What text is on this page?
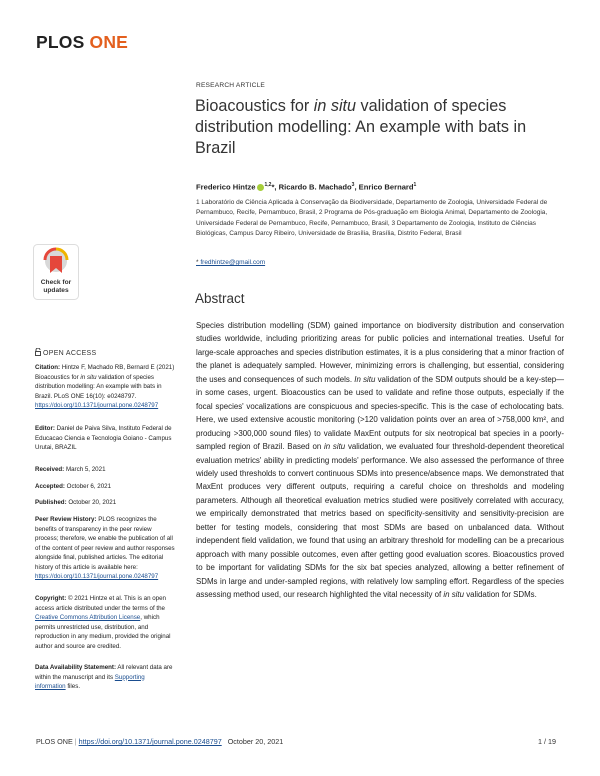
PLOS ONE
Check for
updates
OPEN ACCESS
Citation: Hintze F, Machado RB, Bernard E (2021) Bioacoustics for in situ validation of species distribution modelling: An example with bats in Brazil. PLoS ONE 16(10): e0248797. https://doi.org/10.1371/journal.pone.0248797
Editor: Daniel de Paiva Silva, Instituto Federal de Educacao Ciencia e Tecnologia Goiano - Campus Urutai, BRAZIL
Received: March 5, 2021
Accepted: October 6, 2021
Published: October 20, 2021
Peer Review History: PLOS recognizes the benefits of transparency in the peer review process; therefore, we enable the publication of all of the content of peer review and author responses alongside final, published articles. The editorial history of this article is available here: https://doi.org/10.1371/journal.pone.0248797
Copyright: © 2021 Hintze et al. This is an open access article distributed under the terms of the Creative Commons Attribution License, which permits unrestricted use, distribution, and reproduction in any medium, provided the original author and source are credited.
Data Availability Statement: All relevant data are within the manuscript and its Supporting information files.
RESEARCH ARTICLE
Bioacoustics for in situ validation of species distribution modelling: An example with bats in Brazil
Frederico Hintze $^{1,2}$*, Ricardo B. Machado$^3$, Enrico Bernard$^1$
1 Laboratório de Ciência Aplicada à Conservação da Biodiversidade, Departamento de Zoologia, Universidade Federal de Pernambuco, Recife, Pernambuco, Brasil, 2 Programa de Pós-graduação em Biologia Animal, Departamento de Zoologia, Universidade Federal de Pernambuco, Recife, Pernambuco, Brasil, 3 Departamento de Zoologia, Instituto de Ciências Biológicas, Campus Darcy Ribeiro, Universidade de Brasília, Brasília, Distrito Federal, Brasil
* fredhintze@gmail.com
Abstract
Species distribution modelling (SDM) gained importance on biodiversity distribution and conservation studies worldwide, including prioritizing areas for public policies and international treaties. Useful for large-scale approaches and species distribution estimates, it is a plus considering that a minor fraction of the planet is adequately sampled. However, minimizing errors is challenging, but essential, considering the uses and consequences of such models. In situ validation of the SDM outputs should be a key-step—in some cases, urgent. Bioacoustics can be used to validate and refine those outputs, especially if the focal species' vocalizations are conspicuous and species-specific. This is the case of echolocating bats. Here, we used extensive acoustic monitoring (>120 validation points over an area of >758,000 km², and producing >300,000 sound files) to validate MaxEnt outputs for six neotropical bat species in a poorly-sampled region of Brazil. Based on in situ validation, we evaluated four threshold-dependent theoretical evaluation metrics' ability in predicting models' performance. We also assessed the performance of three widely used thresholds to convert continuous SDMs into presence/absence maps. We demonstrated that MaxEnt produces very different outputs, requiring a careful choice on thresholds and modeling parameters. Although all theoretical evaluation metrics studied were positively correlated with accuracy, we empirically demonstrated that metrics based on specificity-sensitivity and sensitivity-precision are better for testing models, considering that most SDMs are based on unbalanced data. Without independent field validation, we found that using an arbitrary threshold for modelling can be a precarious approach with many possible outcomes, even after getting good evaluation scores. Bioacoustics proved to be important for validating SDMs for the six bat species analyzed, allowing a better refinement of SDMs in large and under-sampled regions, with relatively low sampling effort. Regardless of the species assessing method used, our research highlighted the vital necessity of in situ validation for SDMs.
PLOS ONE | https://doi.org/10.1371/journal.pone.0248797 October 20, 2021	1 / 19
